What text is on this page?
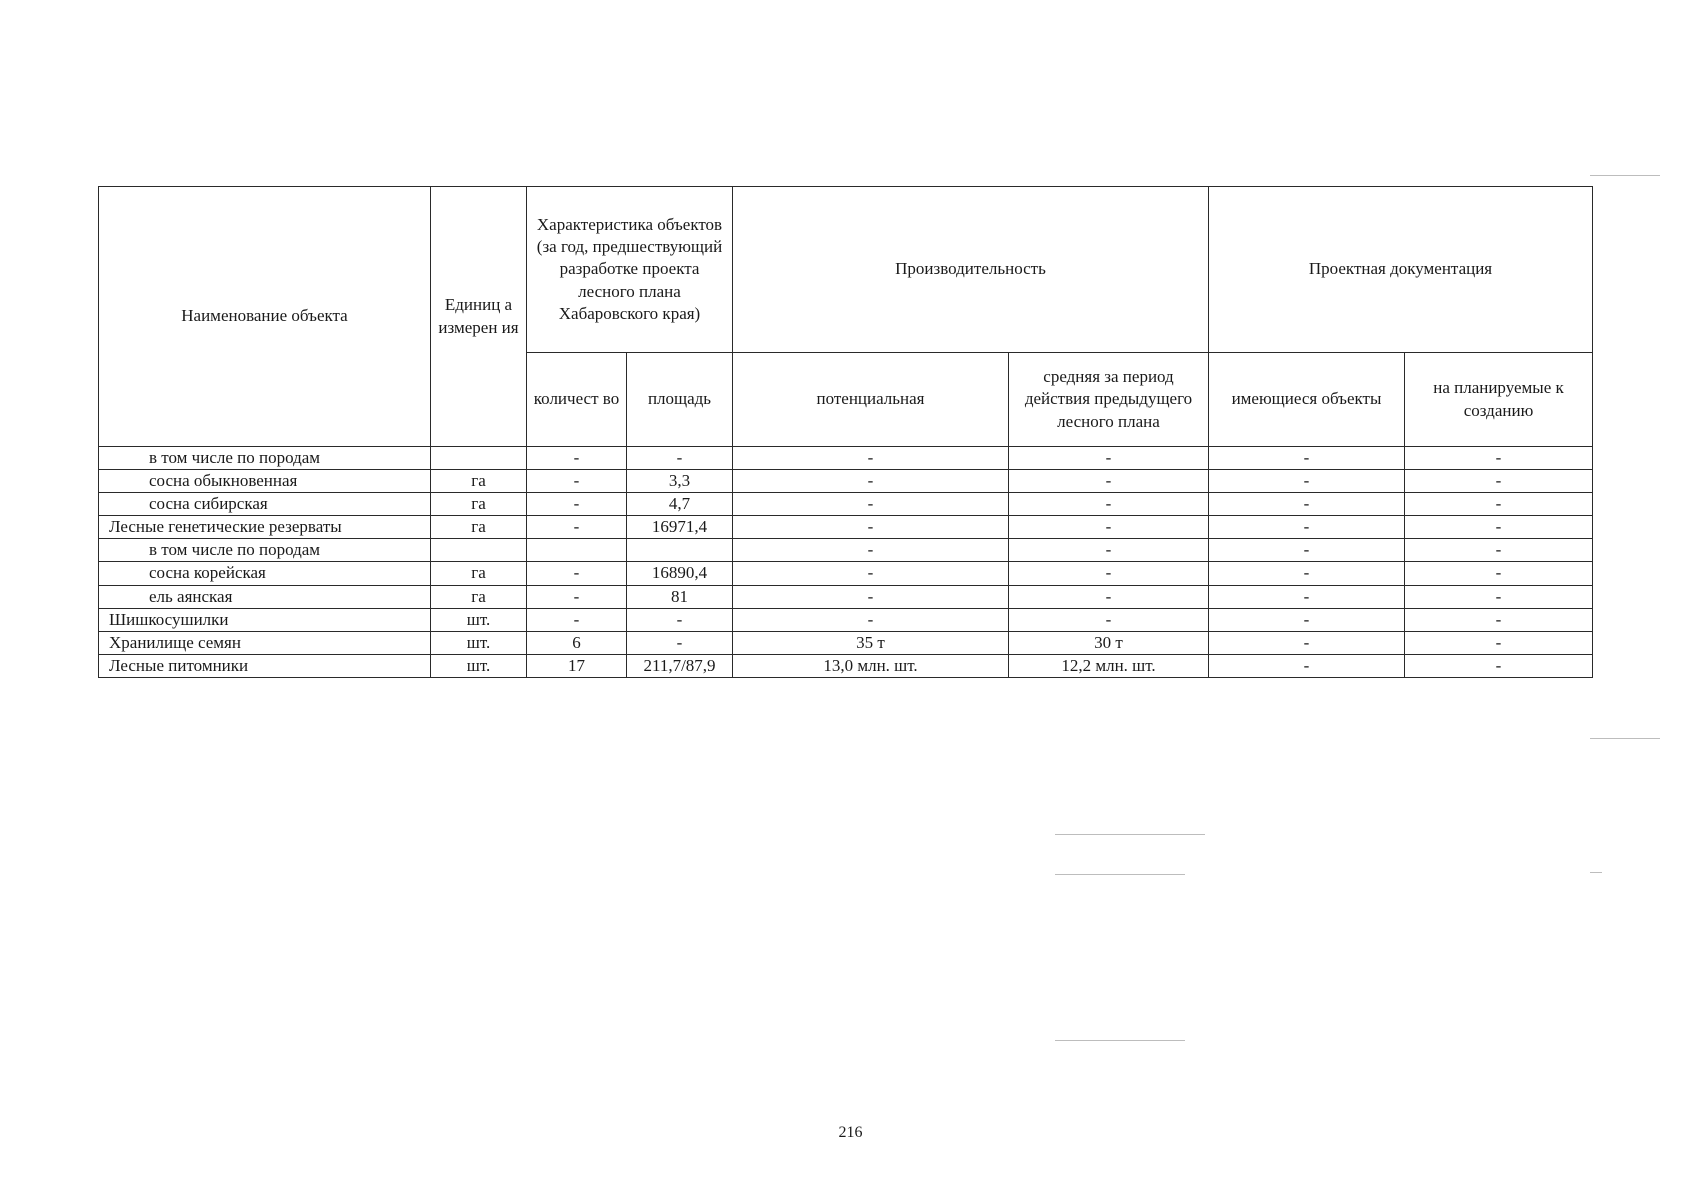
Наименование объекта	Единиц а измерен ия	Характеристика объектов (за год, предшествующий разработке проекта лесного плана Хабаровского края)		Производительность		Проектная документация	
		количест во	площадь	потенциальная	средняя за период действия предыдущего лесного плана	имеющиеся объекты	на планируемые к созданию
в том числе по породам		-	-	-	-	-	-
сосна обыкновенная	га	-	3,3	-	-	-	-
сосна сибирская	га	-	4,7	-	-	-	-
Лесные генетические резерваты	га	-	16971,4	-	-	-	-
в том числе по породам				-	-	-	-
сосна корейская	га	-	16890,4	-	-	-	-
ель аянская	га	-	81	-	-	-	-
Шишкосушилки	шт.	-	-	-	-	-	-
Хранилище семян	шт.	6	-	35 т	30 т	-	-
Лесные питомники	шт.	17	211,7/87,9	13,0 млн. шт.	12,2 млн. шт.	-	-
216
